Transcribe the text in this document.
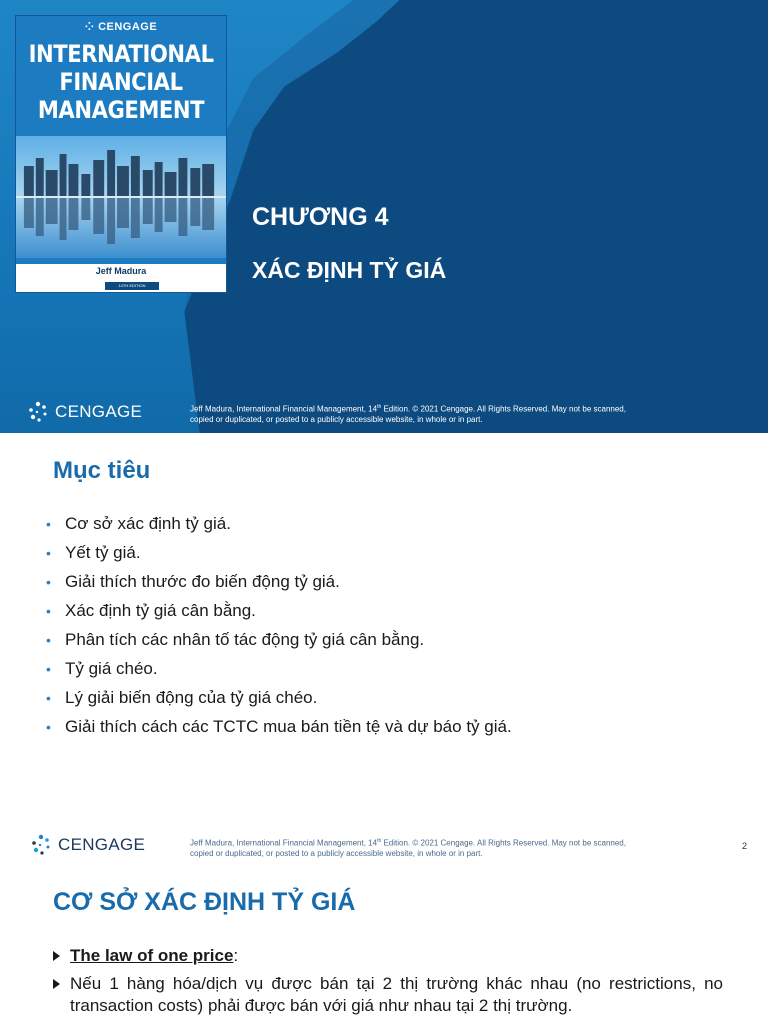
⁘ CENGAGE
INTERNATIONAL
FINANCIAL
MANAGEMENT
Jeff Madura
14TH EDITION
CHƯƠNG 4
XÁC ĐỊNH TỶ GIÁ
CENGAGE	Jeff Madura, International Financial Management, 14th Edition. © 2021 Cengage. All Rights Reserved. May not be scanned,
copied or duplicated, or posted to a publicly accessible website, in whole or in part.
Mục tiêu
• Cơ sở xác định tỷ giá.
• Yết tỷ giá.
• Giải thích thước đo biến động tỷ giá.
• Xác định tỷ giá cân bằng.
• Phân tích các nhân tố tác động tỷ giá cân bằng.
• Tỷ giá chéo.
• Lý giải biến động của tỷ giá chéo.
• Giải thích cách các TCTC mua bán tiền tệ và dự báo tỷ giá.
CENGAGE	Jeff Madura, International Financial Management, 14th Edition. © 2021 Cengage. All Rights Reserved. May not be scanned,
copied or duplicated, or posted to a publicly accessible website, in whole or in part.
2
CƠ SỞ XÁC ĐỊNH TỶ GIÁ
The law of one price:
Nếu 1 hàng hóa/dịch vụ được bán tại 2 thị trường khác nhau (no restrictions, no transaction costs) phải được bán với giá như nhau tại 2 thị trường.
